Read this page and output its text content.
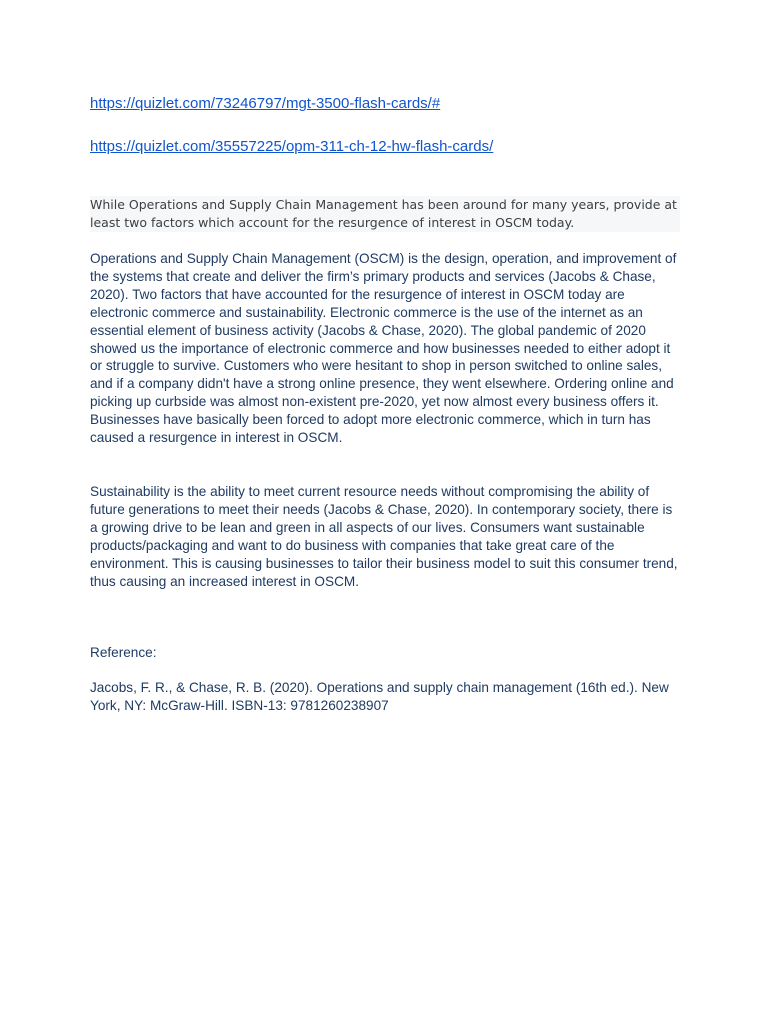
https://quizlet.com/73246797/mgt-3500-flash-cards/#
https://quizlet.com/35557225/opm-311-ch-12-hw-flash-cards/

While Operations and Supply Chain Management has been around for many years, provide at least two factors which account for the resurgence of interest in OSCM today.

Operations and Supply Chain Management (OSCM) is the design, operation, and improvement of the systems that create and deliver the firm’s primary products and services (Jacobs & Chase, 2020). Two factors that have accounted for the resurgence of interest in OSCM today are electronic commerce and sustainability. Electronic commerce is the use of the internet as an essential element of business activity (Jacobs & Chase, 2020). The global pandemic of 2020 showed us the importance of electronic commerce and how businesses needed to either adopt it or struggle to survive. Customers who were hesitant to shop in person switched to online sales, and if a company didn't have a strong online presence, they went elsewhere. Ordering online and picking up curbside was almost non-existent pre-2020, yet now almost every business offers it. Businesses have basically been forced to adopt more electronic commerce, which in turn has caused a resurgence in interest in OSCM.

Sustainability is the ability to meet current resource needs without compromising the ability of future generations to meet their needs (Jacobs & Chase, 2020). In contemporary society, there is a growing drive to be lean and green in all aspects of our lives. Consumers want sustainable products/packaging and want to do business with companies that take great care of the environment. This is causing businesses to tailor their business model to suit this consumer trend, thus causing an increased interest in OSCM.

Reference:

Jacobs, F. R., & Chase, R. B. (2020). Operations and supply chain management (16th ed.). New York, NY: McGraw-Hill. ISBN-13: 9781260238907
